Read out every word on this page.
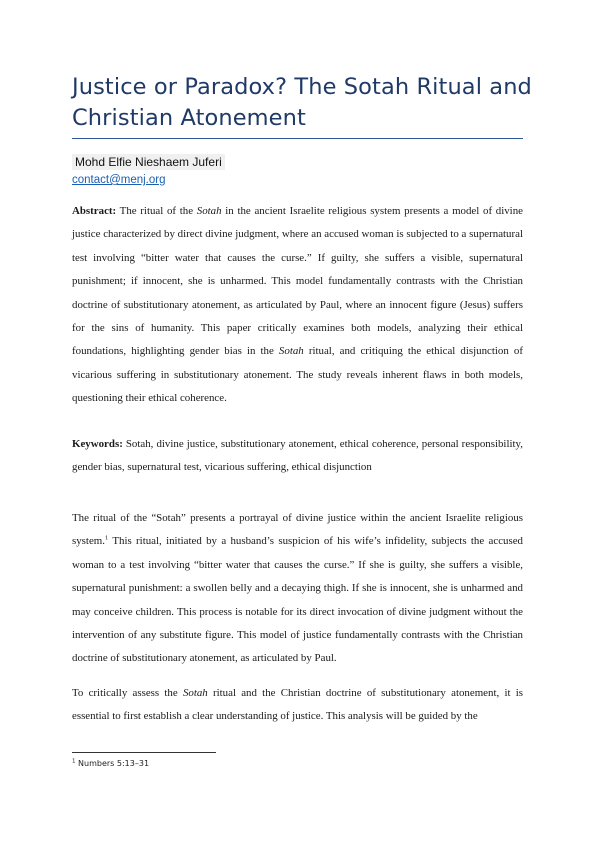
Justice or Paradox? The Sotah Ritual and Christian Atonement
Mohd Elfie Nieshaem Juferi
contact@menj.org
Abstract: The ritual of the Sotah in the ancient Israelite religious system presents a model of divine justice characterized by direct divine judgment, where an accused woman is subjected to a supernatural test involving “bitter water that causes the curse.” If guilty, she suffers a visible, supernatural punishment; if innocent, she is unharmed. This model fundamentally contrasts with the Christian doctrine of substitutionary atonement, as articulated by Paul, where an innocent figure (Jesus) suffers for the sins of humanity. This paper critically examines both models, analyzing their ethical foundations, highlighting gender bias in the Sotah ritual, and critiquing the ethical disjunction of vicarious suffering in substitutionary atonement. The study reveals inherent flaws in both models, questioning their ethical coherence.
Keywords: Sotah, divine justice, substitutionary atonement, ethical coherence, personal responsibility, gender bias, supernatural test, vicarious suffering, ethical disjunction

The ritual of the “Sotah” presents a portrayal of divine justice within the ancient Israelite religious system.$^1$ This ritual, initiated by a husband’s suspicion of his wife’s infidelity, subjects the accused woman to a test involving “bitter water that causes the curse.” If she is guilty, she suffers a visible, supernatural punishment: a swollen belly and a decaying thigh. If she is innocent, she is unharmed and may conceive children. This process is notable for its direct invocation of divine judgment without the intervention of any substitute figure. This model of justice fundamentally contrasts with the Christian doctrine of substitutionary atonement, as articulated by Paul.

To critically assess the Sotah ritual and the Christian doctrine of substitutionary atonement, it is essential to first establish a clear understanding of justice. This analysis will be guided by the

$^1$ Numbers 5:13–31
